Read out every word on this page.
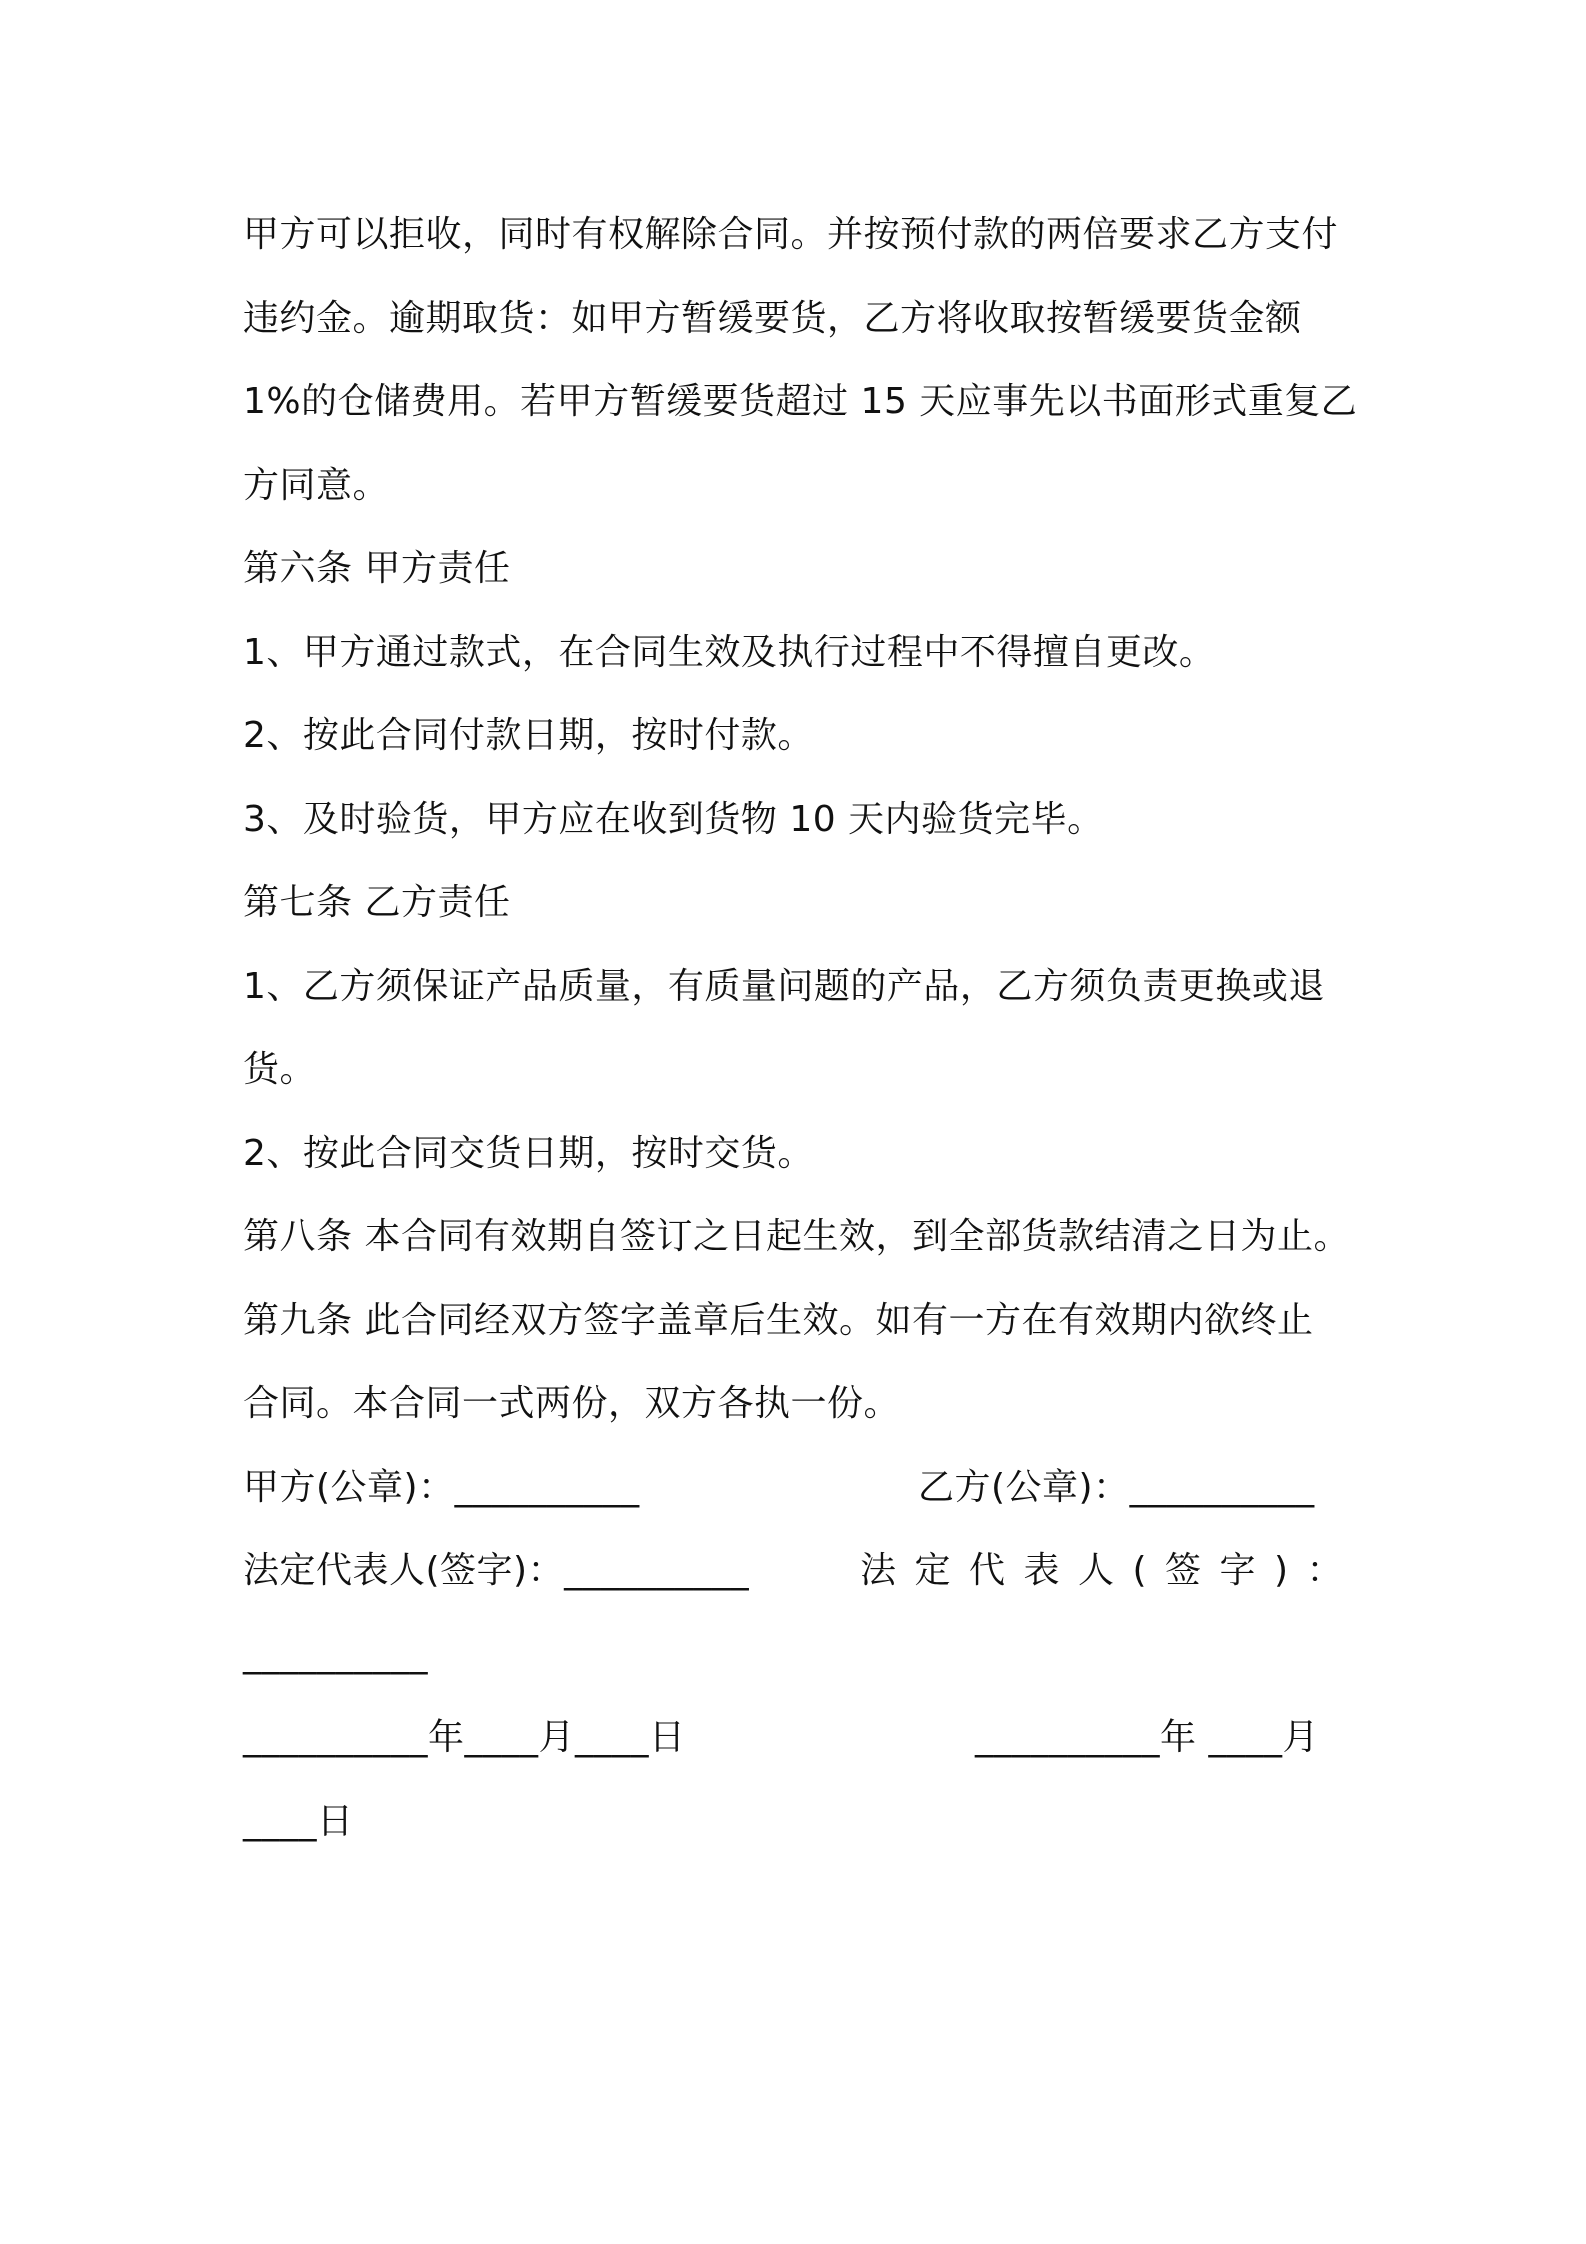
甲方可以拒收，同时有权解除合同。并按预付款的两倍要求乙方支付
违约金。逾期取货：如甲方暂缓要货，乙方将收取按暂缓要货金额
1%的仓储费用。若甲方暂缓要货超过 15 天应事先以书面形式重复乙
方同意。
第六条 甲方责任
1、甲方通过款式，在合同生效及执行过程中不得擅自更改。
2、按此合同付款日期，按时付款。
3、及时验货，甲方应在收到货物 10 天内验货完毕。
第七条 乙方责任
1、乙方须保证产品质量，有质量问题的产品，乙方须负责更换或退
货。
2、按此合同交货日期，按时交货。
第八条 本合同有效期自签订之日起生效，到全部货款结清之日为止。
第九条 此合同经双方签字盖章后生效。如有一方在有效期内欲终止
合同。本合同一式两份，双方各执一份。
甲方(公章)：__________	乙方(公章)：__________
法定代表人(签字)：__________	法定代表人(签字)：
__________
__________年____月____日	__________年 ____月
____日
